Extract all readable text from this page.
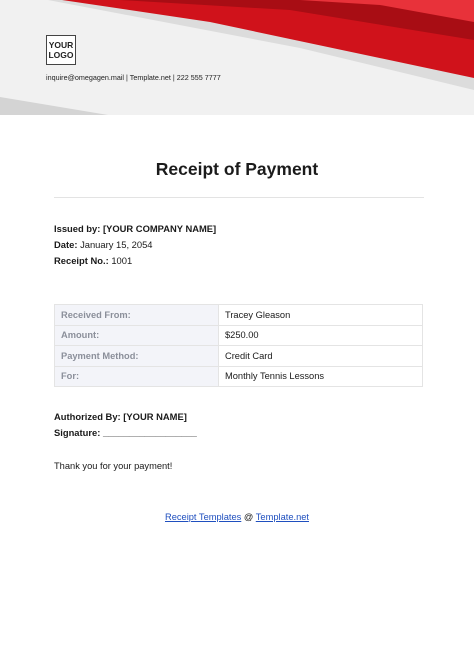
YOUR
LOGO
inquire@omegagen.mail | Template.net | 222 555 7777
Receipt of Payment
Issued by: [YOUR COMPANY NAME]
Date: January 15, 2054
Receipt No.: 1001
Received From:	Tracey Gleason
Amount:	$250.00
Payment Method:	Credit Card
For:	Monthly Tennis Lessons
Authorized By: [YOUR NAME]
Signature: __________________
Thank you for your payment!
Receipt Templates @ Template.net
